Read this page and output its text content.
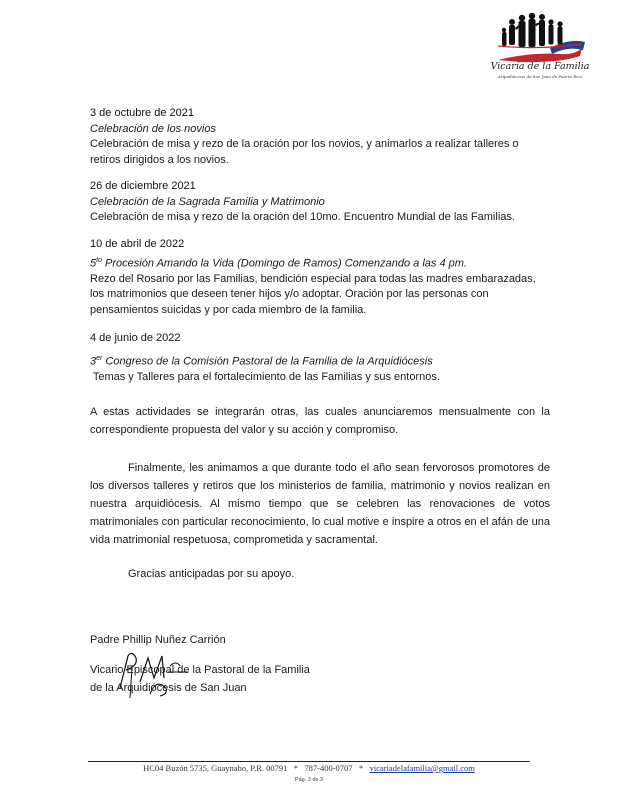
Vicaría de la Familia
Arquidiócesis de San Juan de Puerto Rico

3 de octubre de 2021

Celebración de los novios

Celebración de misa y rezo de la oración por los novios, y animarlos a realizar talleres o retiros dirigidos a los novios.

26 de diciembre 2021

Celebración de la Sagrada Familia y Matrimonio

Celebración de misa y rezo de la oración del 10mo. Encuentro Mundial de las Familias.

10 de abril de 2022

$5^{to}$ Procesión Amando la Vida (Domingo de Ramos) Comenzando a las 4 pm.

Rezo del Rosario por las Familias, bendición especial para todas las madres embarazadas, los matrimonios que deseen tener hijos y/o adoptar. Oración por las personas con pensamientos suicidas y por cada miembro de la familia.

4 de junio de 2022

3er Congreso de la Comisión Pastoral de la Familia de la Arquidiócesis

Temas y Talleres para el fortalecimiento de las Familias y sus entornos.

A estas actividades se integrarán otras, las cuales anunciaremos mensualmente con la correspondiente propuesta del valor y su acción y compromiso.

Finalmente, les animamos a que durante todo el año sean fervorosos promotores de los diversos talleres y retiros que los ministerios de familia, matrimonio y novios realizan en nuestra arquidiócesis. Al mismo tiempo que se celebren las renovaciones de votos matrimoniales con particular reconocimiento, lo cual motive e inspire a otros en el afán de una vida matrimonial respetuosa, comprometida y sacramental.

Gracias anticipadas por su apoyo.

Padre Phillip Nuñez Carrión

Vicario Episcopal de la Pastoral de la Familia

de la Arquidiócesis de San Juan

HC04 Buzón 5735, Guaynabo, P.R. 00791 * 787-400-0707 * vicariadelafamilia@gmail.com
Pág. 3 de 3
